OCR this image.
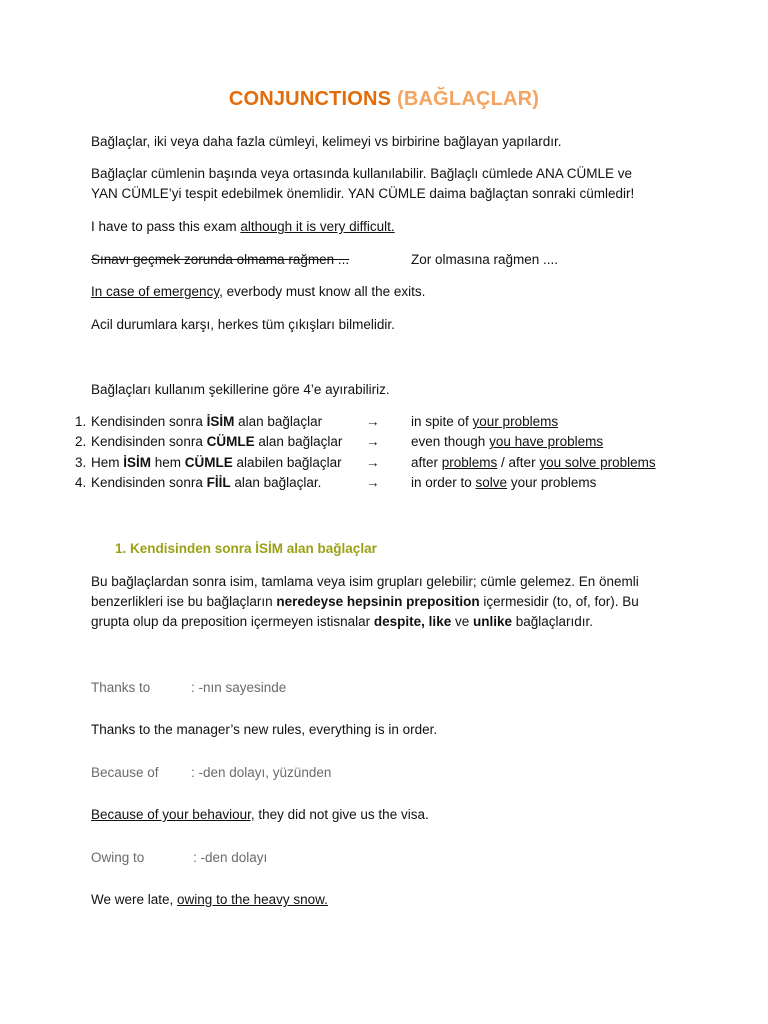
CONJUNCTIONS (BAĞLAÇLAR)
Bağlaçlar, iki veya daha fazla cümleyi, kelimeyi vs birbirine bağlayan yapılardır.
Bağlaçlar cümlenin başında veya ortasında kullanılabilir. Bağlaçlı cümlede ANA CÜMLE ve
YAN CÜMLE’yi tespit edebilmek önemlidir. YAN CÜMLE daima bağlaçtan sonraki cümledir!
I have to pass this exam although it is very difficult.
Sınavı geçmek zorunda olmama rağmen ...	Zor olmasına rağmen ....
In case of emergency, everbody must know all the exits.
Acil durumlara karşı, herkes tüm çıkışları bilmelidir.
Bağlaçları kullanım şekillerine göre 4’e ayırabiliriz.
1. Kendisinden sonra İSİM alan bağlaçlar	→ in spite of your problems
2. Kendisinden sonra CÜMLE alan bağlaçlar → even though you have problems
3. Hem İSİM hem CÜMLE alabilen bağlaçlar → after problems / after you solve problems
4. Kendisinden sonra FİİL alan bağlaçlar.	→ in order to solve your problems
1. Kendisinden sonra İSİM alan bağlaçlar
Bu bağlaçlardan sonra isim, tamlama veya isim grupları gelebilir; cümle gelemez. En önemli
benzerlikleri ise bu bağlaçların neredeyse hepsinin preposition içermesidir (to, of, for). Bu
grupta olup da preposition içermeyen istisnalar despite, like ve unlike bağlaçlarıdır.
Thanks to	: -nın sayesinde
Thanks to the manager’s new rules, everything is in order.
Because of : -den dolayı, yüzünden
Because of your behaviour, they did not give us the visa.
Owing to	: -den dolayı
We were late, owing to the heavy snow.
